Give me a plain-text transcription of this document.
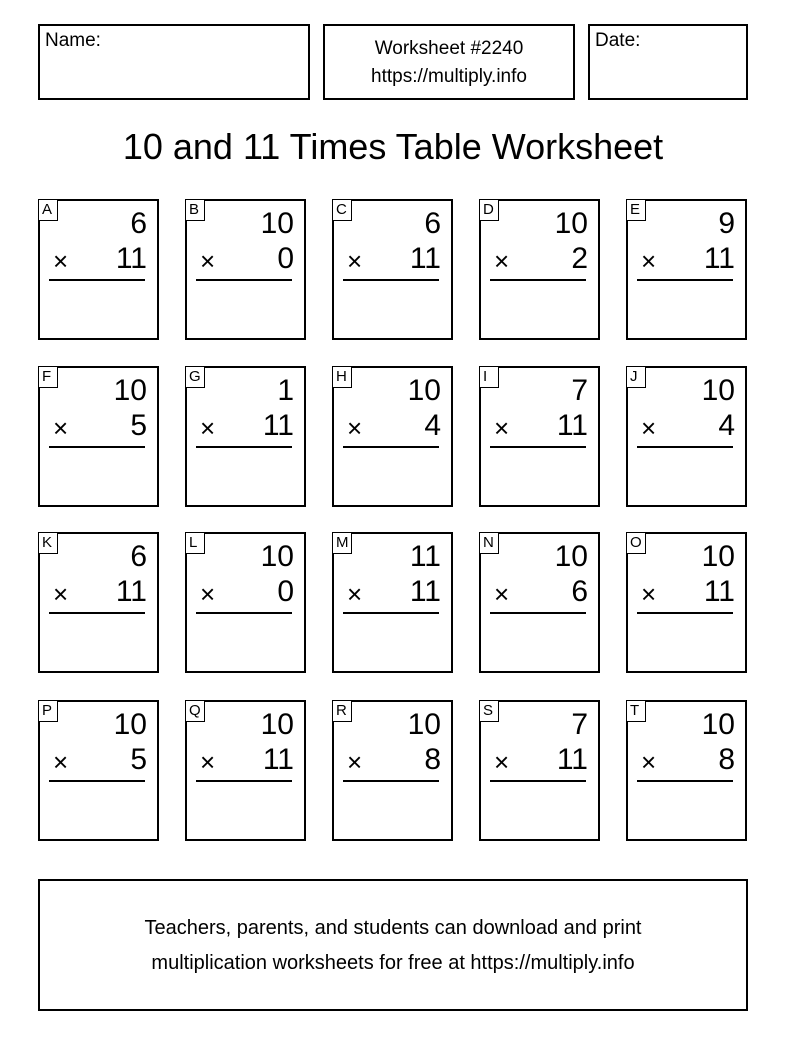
Name:	Worksheet #2240
https://multiply.info
Date:
10 and 11 Times Table Worksheet
A	6
× 11
B 10
× 0
C	6
× 11
D 10
× 2
E	9
× 11
F 10
× 5
G	1
× 11
H 10
× 4
I	7
× 11
J 10
× 4
K	6
× 11
L 10
× 0
M 11
× 11
N 10
× 6
O 10
× 11
P 10
× 5
Q 10
× 11
R 10
× 8
S	7
× 11
T 10
× 8
Teachers, parents, and students can download and print
multiplication worksheets for free at https://multiply.info
